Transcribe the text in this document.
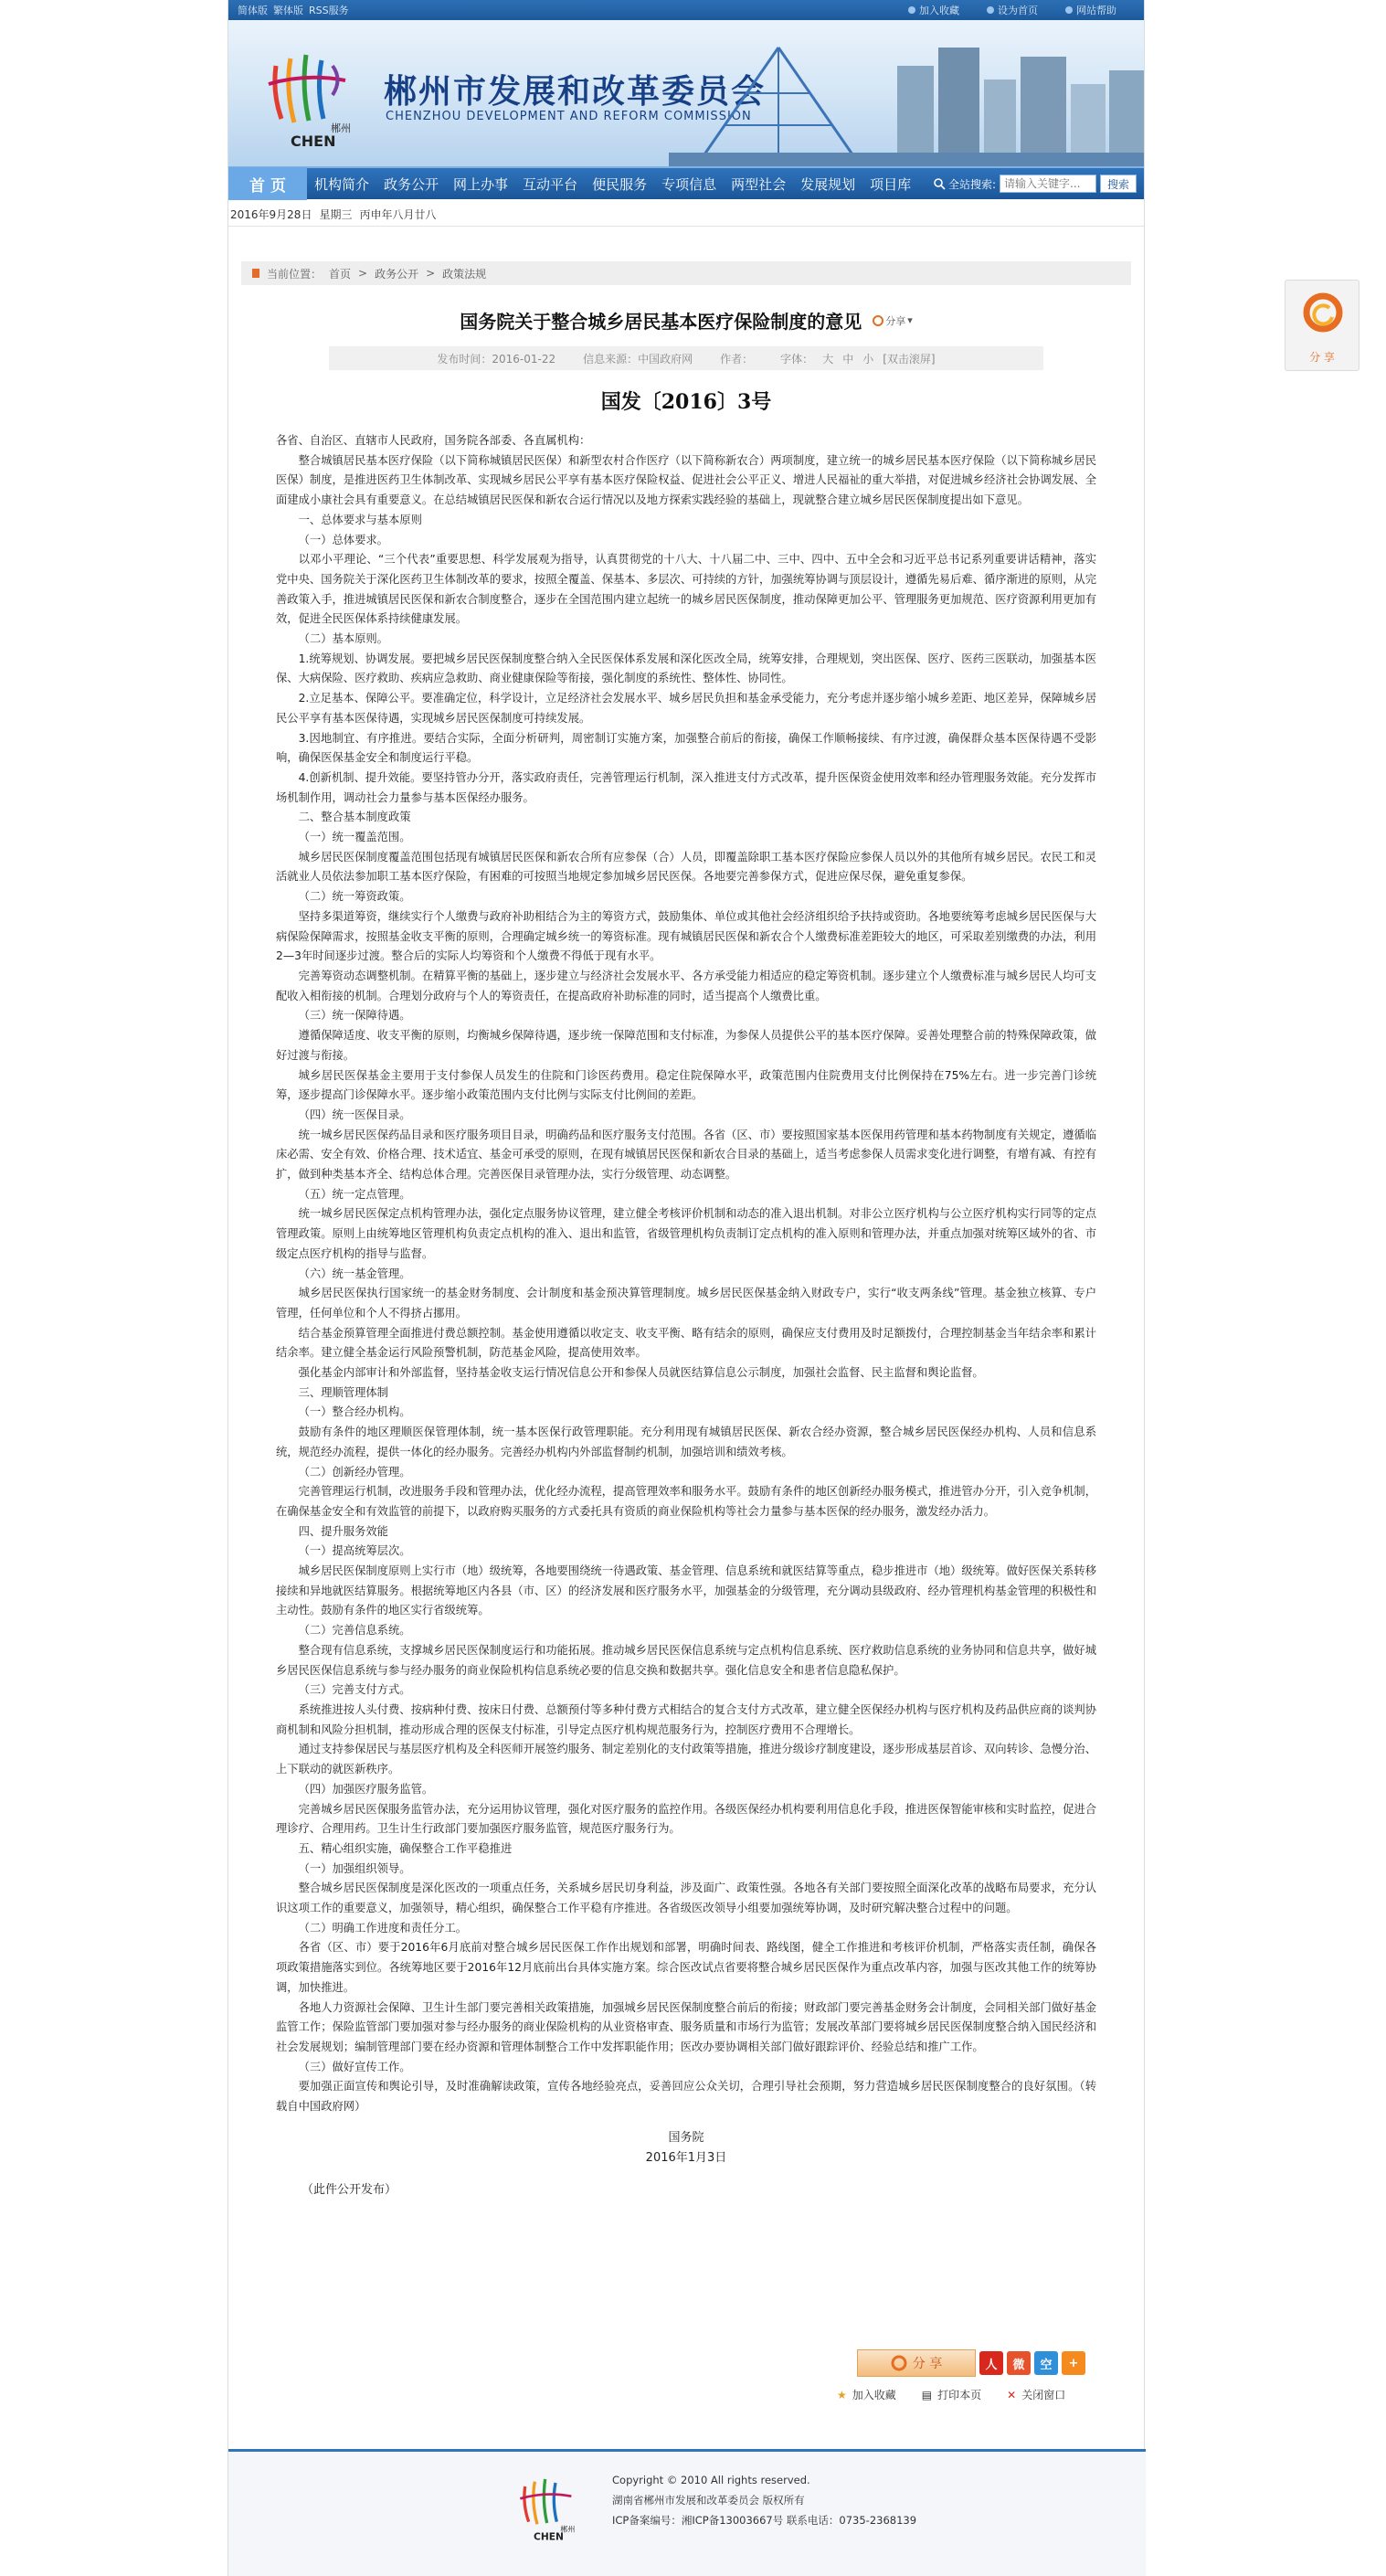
简体版 繁体版 RSS服务	加入收藏	设为首页	网站帮助
郴州
CHEN
郴州市发展和改革委员会
CHENZHOU DEVELOPMENT AND REFORM COMMISSION
首 页	机构简介	政务公开	网上办事	互动平台	便民服务	专项信息	两型社会	发展规划	项目库	全站搜索:
请输入关键字...	搜索
2016年9月28日 星期三 丙申年八月廿八
当前位置： 首页 > 政务公开 > 政策法规
国务院关于整合城乡居民基本医疗保险制度的意见 分享 ▾
发布时间：2016-01-22	信息来源：中国政府网	作者：	字体： 大 中 小 [双击滚屏]
国发〔2016〕3号

各省、自治区、直辖市人民政府，国务院各部委、各直属机构：

整合城镇居民基本医疗保险（以下简称城镇居民医保）和新型农村合作医疗（以下简称新农合）两项制度，建立统一的城乡居民基本医疗保险（以下简称城乡居民医保）制度，是推进医药卫生体制改革、实现城乡居民公平享有基本医疗保险权益、促进社会公平正义、增进人民福祉的重大举措，对促进城乡经济社会协调发展、全面建成小康社会具有重要意义。在总结城镇居民医保和新农合运行情况以及地方探索实践经验的基础上，现就整合建立城乡居民医保制度提出如下意见。

一、总体要求与基本原则

（一）总体要求。

以邓小平理论、“三个代表”重要思想、科学发展观为指导，认真贯彻党的十八大、十八届二中、三中、四中、五中全会和习近平总书记系列重要讲话精神，落实党中央、国务院关于深化医药卫生体制改革的要求，按照全覆盖、保基本、多层次、可持续的方针，加强统筹协调与顶层设计，遵循先易后难、循序渐进的原则，从完善政策入手，推进城镇居民医保和新农合制度整合，逐步在全国范围内建立起统一的城乡居民医保制度，推动保障更加公平、管理服务更加规范、医疗资源利用更加有效，促进全民医保体系持续健康发展。

（二）基本原则。

1.统筹规划、协调发展。要把城乡居民医保制度整合纳入全民医保体系发展和深化医改全局，统筹安排，合理规划，突出医保、医疗、医药三医联动，加强基本医保、大病保险、医疗救助、疾病应急救助、商业健康保险等衔接，强化制度的系统性、整体性、协同性。

2.立足基本、保障公平。要准确定位，科学设计，立足经济社会发展水平、城乡居民负担和基金承受能力，充分考虑并逐步缩小城乡差距、地区差异，保障城乡居民公平享有基本医保待遇，实现城乡居民医保制度可持续发展。

3.因地制宜、有序推进。要结合实际，全面分析研判，周密制订实施方案，加强整合前后的衔接，确保工作顺畅接续、有序过渡，确保群众基本医保待遇不受影响，确保医保基金安全和制度运行平稳。

4.创新机制、提升效能。要坚持管办分开，落实政府责任，完善管理运行机制，深入推进支付方式改革，提升医保资金使用效率和经办管理服务效能。充分发挥市场机制作用，调动社会力量参与基本医保经办服务。

二、整合基本制度政策

（一）统一覆盖范围。

城乡居民医保制度覆盖范围包括现有城镇居民医保和新农合所有应参保（合）人员，即覆盖除职工基本医疗保险应参保人员以外的其他所有城乡居民。农民工和灵活就业人员依法参加职工基本医疗保险，有困难的可按照当地规定参加城乡居民医保。各地要完善参保方式，促进应保尽保，避免重复参保。

（二）统一筹资政策。

坚持多渠道筹资，继续实行个人缴费与政府补助相结合为主的筹资方式，鼓励集体、单位或其他社会经济组织给予扶持或资助。各地要统筹考虑城乡居民医保与大病保险保障需求，按照基金收支平衡的原则，合理确定城乡统一的筹资标准。现有城镇居民医保和新农合个人缴费标准差距较大的地区，可采取差别缴费的办法，利用2—3年时间逐步过渡。整合后的实际人均筹资和个人缴费不得低于现有水平。

完善筹资动态调整机制。在精算平衡的基础上，逐步建立与经济社会发展水平、各方承受能力相适应的稳定筹资机制。逐步建立个人缴费标准与城乡居民人均可支配收入相衔接的机制。合理划分政府与个人的筹资责任，在提高政府补助标准的同时，适当提高个人缴费比重。

（三）统一保障待遇。

遵循保障适度、收支平衡的原则，均衡城乡保障待遇，逐步统一保障范围和支付标准，为参保人员提供公平的基本医疗保障。妥善处理整合前的特殊保障政策，做好过渡与衔接。

城乡居民医保基金主要用于支付参保人员发生的住院和门诊医药费用。稳定住院保障水平，政策范围内住院费用支付比例保持在75%左右。进一步完善门诊统筹，逐步提高门诊保障水平。逐步缩小政策范围内支付比例与实际支付比例间的差距。

（四）统一医保目录。

统一城乡居民医保药品目录和医疗服务项目目录，明确药品和医疗服务支付范围。各省（区、市）要按照国家基本医保用药管理和基本药物制度有关规定，遵循临床必需、安全有效、价格合理、技术适宜、基金可承受的原则，在现有城镇居民医保和新农合目录的基础上，适当考虑参保人员需求变化进行调整，有增有减、有控有扩，做到种类基本齐全、结构总体合理。完善医保目录管理办法，实行分级管理、动态调整。

（五）统一定点管理。

统一城乡居民医保定点机构管理办法，强化定点服务协议管理，建立健全考核评价机制和动态的准入退出机制。对非公立医疗机构与公立医疗机构实行同等的定点管理政策。原则上由统筹地区管理机构负责定点机构的准入、退出和监管，省级管理机构负责制订定点机构的准入原则和管理办法，并重点加强对统筹区域外的省、市级定点医疗机构的指导与监督。

（六）统一基金管理。

城乡居民医保执行国家统一的基金财务制度、会计制度和基金预决算管理制度。城乡居民医保基金纳入财政专户，实行“收支两条线”管理。基金独立核算、专户管理，任何单位和个人不得挤占挪用。

结合基金预算管理全面推进付费总额控制。基金使用遵循以收定支、收支平衡、略有结余的原则，确保应支付费用及时足额拨付，合理控制基金当年结余率和累计结余率。建立健全基金运行风险预警机制，防范基金风险，提高使用效率。

强化基金内部审计和外部监督，坚持基金收支运行情况信息公开和参保人员就医结算信息公示制度，加强社会监督、民主监督和舆论监督。

三、理顺管理体制

（一）整合经办机构。

鼓励有条件的地区理顺医保管理体制，统一基本医保行政管理职能。充分利用现有城镇居民医保、新农合经办资源，整合城乡居民医保经办机构、人员和信息系统，规范经办流程，提供一体化的经办服务。完善经办机构内外部监督制约机制，加强培训和绩效考核。

（二）创新经办管理。

完善管理运行机制，改进服务手段和管理办法，优化经办流程，提高管理效率和服务水平。鼓励有条件的地区创新经办服务模式，推进管办分开，引入竞争机制，在确保基金安全和有效监管的前提下，以政府购买服务的方式委托具有资质的商业保险机构等社会力量参与基本医保的经办服务，激发经办活力。

四、提升服务效能

（一）提高统筹层次。

城乡居民医保制度原则上实行市（地）级统筹，各地要围绕统一待遇政策、基金管理、信息系统和就医结算等重点，稳步推进市（地）级统筹。做好医保关系转移接续和异地就医结算服务。根据统筹地区内各县（市、区）的经济发展和医疗服务水平，加强基金的分级管理，充分调动县级政府、经办管理机构基金管理的积极性和主动性。鼓励有条件的地区实行省级统筹。

（二）完善信息系统。

整合现有信息系统，支撑城乡居民医保制度运行和功能拓展。推动城乡居民医保信息系统与定点机构信息系统、医疗救助信息系统的业务协同和信息共享，做好城乡居民医保信息系统与参与经办服务的商业保险机构信息系统必要的信息交换和数据共享。强化信息安全和患者信息隐私保护。

（三）完善支付方式。

系统推进按人头付费、按病种付费、按床日付费、总额预付等多种付费方式相结合的复合支付方式改革，建立健全医保经办机构与医疗机构及药品供应商的谈判协商机制和风险分担机制，推动形成合理的医保支付标准，引导定点医疗机构规范服务行为，控制医疗费用不合理增长。

通过支持参保居民与基层医疗机构及全科医师开展签约服务、制定差别化的支付政策等措施，推进分级诊疗制度建设，逐步形成基层首诊、双向转诊、急慢分治、上下联动的就医新秩序。

（四）加强医疗服务监管。

完善城乡居民医保服务监管办法，充分运用协议管理，强化对医疗服务的监控作用。各级医保经办机构要利用信息化手段，推进医保智能审核和实时监控，促进合理诊疗、合理用药。卫生计生行政部门要加强医疗服务监管，规范医疗服务行为。

五、精心组织实施，确保整合工作平稳推进

（一）加强组织领导。

整合城乡居民医保制度是深化医改的一项重点任务，关系城乡居民切身利益，涉及面广、政策性强。各地各有关部门要按照全面深化改革的战略布局要求，充分认识这项工作的重要意义，加强领导，精心组织，确保整合工作平稳有序推进。各省级医改领导小组要加强统筹协调，及时研究解决整合过程中的问题。

（二）明确工作进度和责任分工。

各省（区、市）要于2016年6月底前对整合城乡居民医保工作作出规划和部署，明确时间表、路线图，健全工作推进和考核评价机制，严格落实责任制，确保各项政策措施落实到位。各统筹地区要于2016年12月底前出台具体实施方案。综合医改试点省要将整合城乡居民医保作为重点改革内容，加强与医改其他工作的统筹协调，加快推进。

各地人力资源社会保障、卫生计生部门要完善相关政策措施，加强城乡居民医保制度整合前后的衔接；财政部门要完善基金财务会计制度，会同相关部门做好基金监管工作；保险监管部门要加强对参与经办服务的商业保险机构的从业资格审查、服务质量和市场行为监管；发展改革部门要将城乡居民医保制度整合纳入国民经济和社会发展规划；编制管理部门要在经办资源和管理体制整合工作中发挥职能作用；医改办要协调相关部门做好跟踪评价、经验总结和推广工作。

（三）做好宣传工作。

要加强正面宣传和舆论引导，及时准确解读政策，宣传各地经验亮点，妥善回应公众关切，合理引导社会预期，努力营造城乡居民医保制度整合的良好氛围。（转载自中国政府网）

国务院
2016年1月3日
（此件公开发布）
分 享	人	微	空	+
★ 加入收藏 ▤ 打印本页 ✕ 关闭窗口
郴州
CHEN
Copyright © 2010 All rights reserved.
湖南省郴州市发展和改革委员会 版权所有
ICP备案编号：湘ICP备13003667号 联系电话：0735-2368139
分 享
